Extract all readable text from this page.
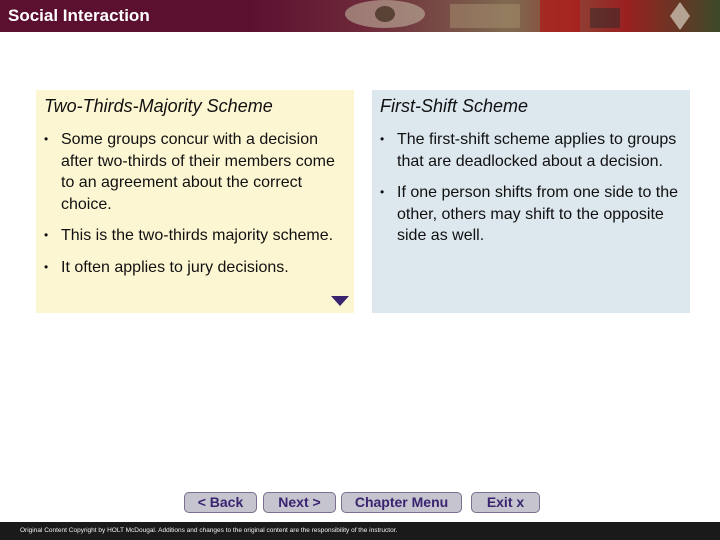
Social Interaction
Two-Thirds-Majority Scheme
• Some groups concur with a decision after two-thirds of their members come to an agreement about the correct choice.
• This is the two-thirds majority scheme.
• It often applies to jury decisions.
First-Shift Scheme
• The first-shift scheme applies to groups that are deadlocked about a decision.
• If one person shifts from one side to the other, others may shift to the opposite side as well.
< Back	Next >	Chapter Menu	Exit x
Original Content Copyright by HOLT McDougal. Additions and changes to the original content are the responsibility of the instructor.
